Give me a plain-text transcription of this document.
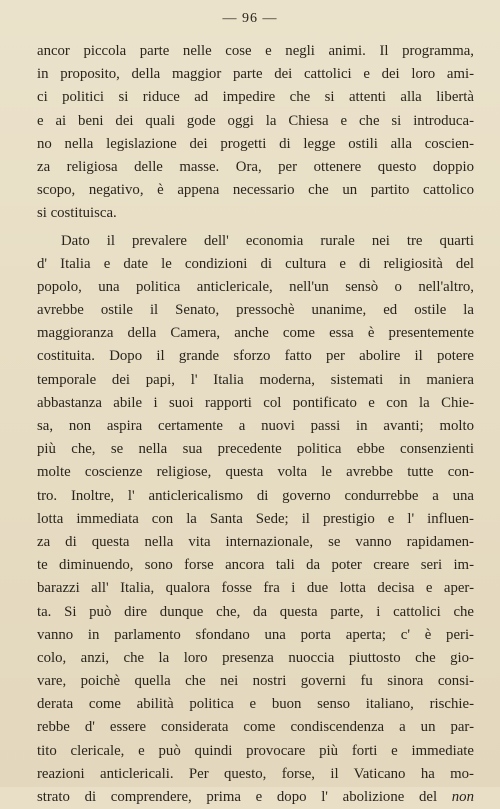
— 96 —
ancor piccola parte nelle cose e negli animi. Il programma,
in proposito, della maggior parte dei cattolici e dei loro ami-
ci politici si riduce ad impedire che si attenti alla libertà
e ai beni dei quali gode oggi la Chiesa e che si introduca-
no nella legislazione dei progetti di legge ostili alla coscien-
za religiosa delle masse. Ora, per ottenere questo doppio
scopo, negativo, è appena necessario che un partito cattolico
si costituisca.
Dato il prevalere dell' economia rurale nei tre quarti
d' Italia e date le condizioni di cultura e di religiosità del
popolo, una politica anticlericale, nell'un sensò o nell'altro,
avrebbe ostile il Senato, pressochè unanime, ed ostile la
maggioranza della Camera, anche come essa è presentemente
costituita. Dopo il grande sforzo fatto per abolire il potere
temporale dei papi, l' Italia moderna, sistemati in maniera
abbastanza abile i suoi rapporti col pontificato e con la Chie-
sa, non aspira certamente a nuovi passi in avanti; molto
più che, se nella sua precedente politica ebbe consenzienti
molte coscienze religiose, questa volta le avrebbe tutte con-
tro. Inoltre, l' anticlericalismo di governo condurrebbe a una
lotta immediata con la Santa Sede; il prestigio e l' influen-
za di questa nella vita internazionale, se vanno rapidamen-
te diminuendo, sono forse ancora tali da poter creare seri im-
barazzi all' Italia, qualora fosse fra i due lotta decisa e aper-
ta. Si può dire dunque che, da questa parte, i cattolici che
vanno in parlamento sfondano una porta aperta; c' è peri-
colo, anzi, che la loro presenza nuoccia piuttosto che gio-
vare, poichè quella che nei nostri governi fu sinora consi-
derata come abilità politica e buon senso italiano, rischie-
rebbe d' essere considerata come condiscendenza a un par-
tito clericale, e può quindi provocare più forti e immediate
reazioni anticlericali. Per questo, forse, il Vaticano ha mo-
strato di comprendere, prima e dopo l' abolizione del non
